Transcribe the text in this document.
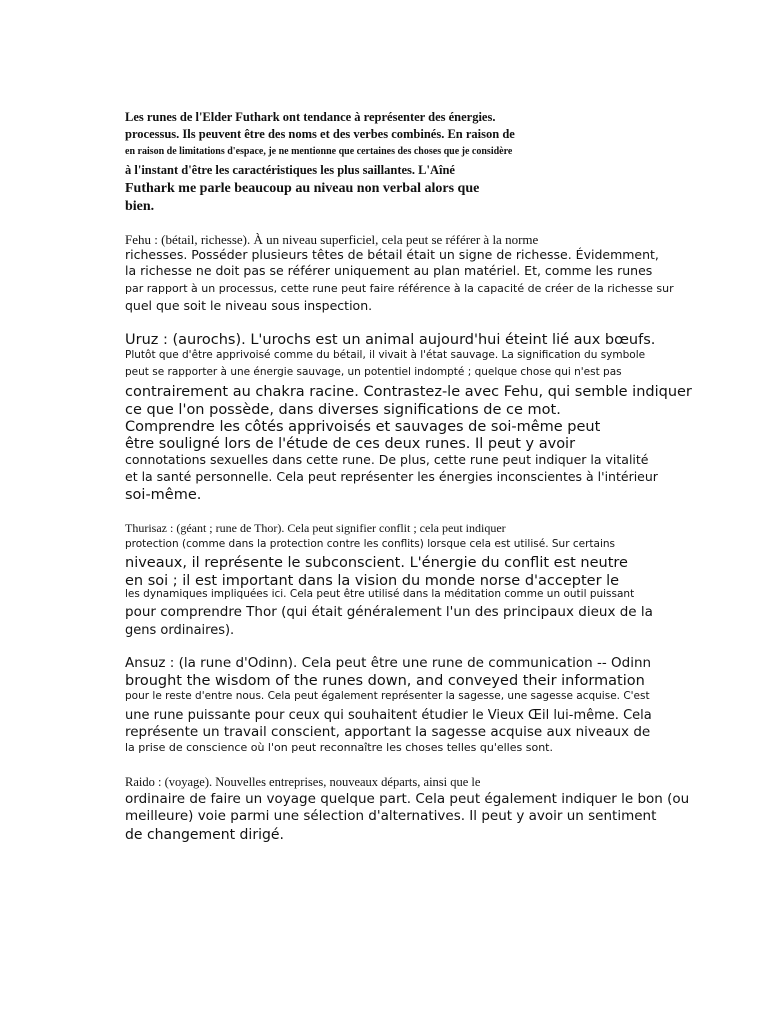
Les runes de l'Elder Futhark ont tendance à représenter des énergies.
processus. Ils peuvent être des noms et des verbes combinés. En raison de
en raison de limitations d'espace, je ne mentionne que certaines des choses que je considère
à l'instant d'être les caractéristiques les plus saillantes. L'Aîné
Futhark me parle beaucoup au niveau non verbal alors que
bien.
Fehu : (bétail, richesse). À un niveau superficiel, cela peut se référer à la norme
richesses. Posséder plusieurs têtes de bétail était un signe de richesse. Évidemment,
la richesse ne doit pas se référer uniquement au plan matériel. Et, comme les runes
par rapport à un processus, cette rune peut faire référence à la capacité de créer de la richesse sur
quel que soit le niveau sous inspection.
Uruz : (aurochs). L'urochs est un animal aujourd'hui éteint lié aux bœufs.
Plutôt que d'être apprivoisé comme du bétail, il vivait à l'état sauvage. La signification du symbole
peut se rapporter à une énergie sauvage, un potentiel indompté ; quelque chose qui n'est pas
contrairement au chakra racine. Contrastez-le avec Fehu, qui semble indiquer
ce que l'on possède, dans diverses significations de ce mot.
Comprendre les côtés apprivoisés et sauvages de soi-même peut
être souligné lors de l'étude de ces deux runes. Il peut y avoir
connotations sexuelles dans cette rune. De plus, cette rune peut indiquer la vitalité
et la santé personnelle. Cela peut représenter les énergies inconscientes à l'intérieur
soi-même.
Thurisaz : (géant ; rune de Thor). Cela peut signifier conflit ; cela peut indiquer
protection (comme dans la protection contre les conflits) lorsque cela est utilisé. Sur certains
niveaux, il représente le subconscient. L'énergie du conflit est neutre
en soi ; il est important dans la vision du monde norse d'accepter le
les dynamiques impliquées ici. Cela peut être utilisé dans la méditation comme un outil puissant
pour comprendre Thor (qui était généralement l'un des principaux dieux de la
gens ordinaires).
Ansuz : (la rune d'Odinn). Cela peut être une rune de communication -- Odinn
brought the wisdom of the runes down, and conveyed their information
pour le reste d'entre nous. Cela peut également représenter la sagesse, une sagesse acquise. C'est
une rune puissante pour ceux qui souhaitent étudier le Vieux Œil lui-même. Cela
représente un travail conscient, apportant la sagesse acquise aux niveaux de
la prise de conscience où l'on peut reconnaître les choses telles qu'elles sont.
Raido : (voyage). Nouvelles entreprises, nouveaux départs, ainsi que le
ordinaire de faire un voyage quelque part. Cela peut également indiquer le bon (ou
meilleure) voie parmi une sélection d'alternatives. Il peut y avoir un sentiment
de changement dirigé.
